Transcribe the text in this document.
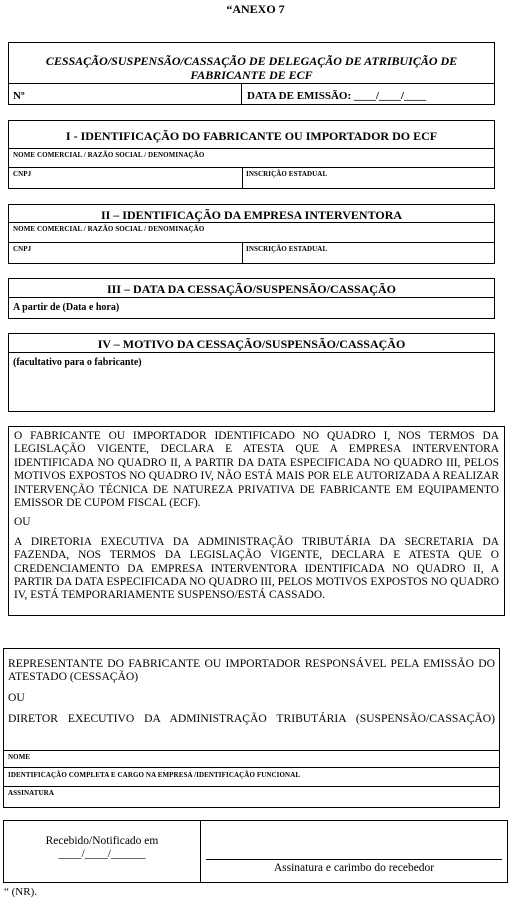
“ANEXO 7
CESSAÇÃO/SUSPENSÃO/CASSAÇÃO DE DELEGAÇÃO DE ATRIBUIÇÃO DE FABRICANTE DE ECF
Nº	DATA DE EMISSÃO: ____/____/____
I - IDENTIFICAÇÃO DO FABRICANTE OU IMPORTADOR DO ECF
NOME COMERCIAL / RAZÃO SOCIAL / DENOMINAÇÃO
CNPJ	INSCRIÇÃO ESTADUAL
II – IDENTIFICAÇÃO DA EMPRESA INTERVENTORA
NOME COMERCIAL / RAZÃO SOCIAL / DENOMINAÇÃO
CNPJ	INSCRIÇÃO ESTADUAL
III – DATA DA CESSAÇÃO/SUSPENSÃO/CASSAÇÃO
A partir de (Data e hora)
IV – MOTIVO DA CESSAÇÃO/SUSPENSÃO/CASSAÇÃO
(facultativo para o fabricante)

O FABRICANTE OU IMPORTADOR IDENTIFICADO NO QUADRO I, NOS TERMOS DA LEGISLAÇÃO VIGENTE, DECLARA E ATESTA QUE A EMPRESA INTERVENTORA IDENTIFICADA NO QUADRO II, A PARTIR DA DATA ESPECIFICADA NO QUADRO III, PELOS MOTIVOS EXPOSTOS NO QUADRO IV, NÃO ESTÁ MAIS POR ELE AUTORIZADA A REALIZAR INTERVENÇÃO TÉCNICA DE NATUREZA PRIVATIVA DE FABRICANTE EM EQUIPAMENTO EMISSOR DE CUPOM FISCAL (ECF).

OU

A DIRETORIA EXECUTIVA DA ADMINISTRAÇÃO TRIBUTÁRIA DA SECRETARIA DA FAZENDA, NOS TERMOS DA LEGISLAÇÃO VIGENTE, DECLARA E ATESTA QUE O CREDENCIAMENTO DA EMPRESA INTERVENTORA IDENTIFICADA NO QUADRO II, A PARTIR DA DATA ESPECIFICADA NO QUADRO III, PELOS MOTIVOS EXPOSTOS NO QUADRO IV, ESTÁ TEMPORARIAMENTE SUSPENSO/ESTÁ CASSADO.

REPRESENTANTE DO FABRICANTE OU IMPORTADOR RESPONSÁVEL PELA EMISSÃO DO ATESTADO (CESSAÇÃO)

OU

DIRETOR EXECUTIVO DA ADMINISTRAÇÃO TRIBUTÁRIA (SUSPENSÃO/CASSAÇÃO)

NOME
IDENTIFICAÇÃO COMPLETA E CARGO NA EMPRESA /IDENTIFICAÇÃO FUNCIONAL
ASSINATURA
Recebido/Notificado em
____/____/______
Assinatura e carimbo do recebedor
“ (NR).
